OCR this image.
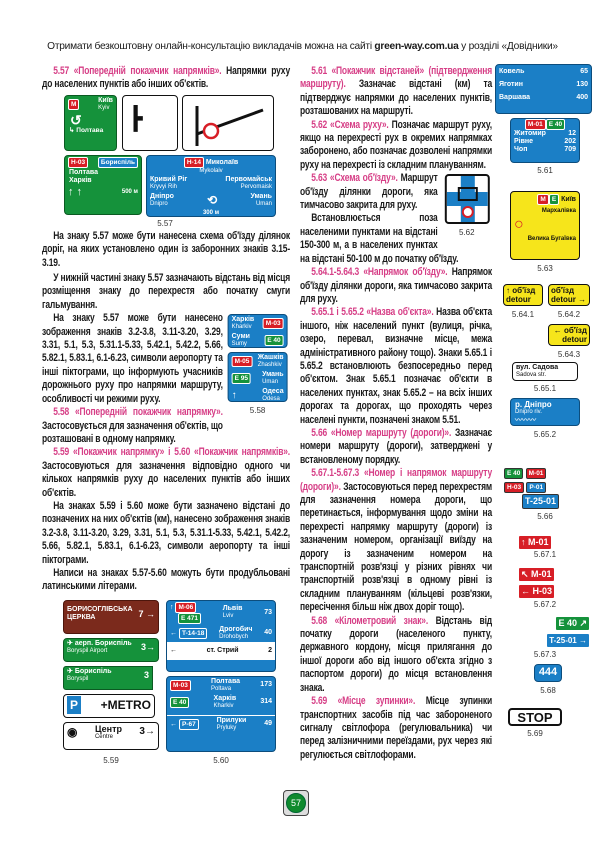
Отримати безкоштовну онлайн-консультацію викладачів можна на сайті green-way.com.ua у розділі «Довідники»

5.57 «Попередній покажчик напрямків». Напрямки руху до населених пунктів або інших об'єктів.

M
Київ
Kyiv
↺
↳ Полтава	┣
H-03	Бориспіль
Полтава
Харків
↑ ↑	500 м
H-14 Миколаїв
Mykolaiv
Кривий Ріг
Kryvyi Rih
Первомайськ
Pervomaisk
Дніпро
Dnipro	⟲	Умань
Uman
300 м
5.57

На знаку 5.57 може бути нанесена схема об'їзду ділянок доріг, на яких установлено один із заборонних знаків 3.15-3.19.

У нижній частині знаку 5.57 зазначають відстань від місця розміщення знаку до перехрестя або початку смуги гальмування.

Харків
Kharkiv	M-03
Суми
Sumy	E 40
M-05
Жашків
Zhashkiv
E 95
Умань
Uman
↑	Одеса
Odesa
5.58
На знаку 5.57 може бути нанесено зображення знаків 3.2-3.8, 3.11-3.20, 3.29, 3.31, 5.1, 5.3, 5.31.1-5.33, 5.42.1, 5.42.2, 5.66, 5.82.1, 5.83.1, 6.1-6.23, символи аеропорту та інші піктограми, що інформують учасників дорожнього руху про напрямки маршруту, особливості чи режими руху.

5.58 «Попередній покажчик напрямку». Застосовується для зазначення об'єктів, що розташовані в одному напрямку.

5.59 «Покажчик напрямку» і 5.60 «Покажчик напрямків». Застосовуються для зазначення відповідно одного чи кількох напрямків руху до населених пунктів або інших об'єктів.

На знаках 5.59 і 5.60 може бути зазначено відстані до позначених на них об'єктів (км), нанесено зображення знаків 3.2-3.8, 3.11-3.20, 3.29, 3.31, 5.1, 5.3, 5.31.1-5.33, 5.42.1, 5.42.2, 5.66, 5.82.1, 5.83.1, 6.1-6.23, символи аеропорту та інші піктограми.

Написи на знаках 5.57-5.60 можуть бути продубльовані латинськими літерами.

БОРИСОГЛІБСЬКА ЦЕРКВА	7 →
✈ аерп. Бориспіль
Boryspil Airport	3→
✈ Бориспіль
Boryspil	3
P +METRO
◉ Центр
Centre	3→
5.59
↑ M-06
E 471
Львів
Lviv
73
← T-14-18
Дрогобич
Drohobych
40
←	ст. Стрий	2
M-03
Полтава
Poltava
173
E 40
Харків
Kharkiv
314
← P-67
Прилуки
Pryluky
49
5.60

5.61 «Покажчик відстаней» (підтвердження маршруту). Зазначає відстані (км) та підтверджує напрямки до населених пунктів, розташованих на маршруті.

5.62 «Схема руху». Позначає маршрут руху, якщо на перехресті рух в окремих напрямках заборонено, або позначає дозволені напрямки руху на перехресті із складним плануванням.

5.62
5.63 «Схема об'їзду». Маршрут об'їзду ділянки дороги, яка тимчасово закрита для руху.

Встановлюється поза населеними пунктами на відстані 150-300 м, а в населених пунктах на відстані 50-100 м до початку об'їзду.

5.64.1-5.64.3 «Напрямок об'їзду». Напрямок об'їзду ділянки дороги, яка тимчасово закрита для руху.

5.65.1 і 5.65.2 «Назва об'єкта». Назва об'єкта іншого, ніж населений пункт (вулиця, річка, озеро, перевал, визначне місце, межа адміністративного району тощо). Знаки 5.65.1 і 5.65.2 встановлюють безпосередньо перед об'єктом. Знак 5.65.1 позначає об'єкти в населених пунктах, знак 5.65.2 – на всіх інших дорогах та дорогах, що проходять через населені пункти, позначені знаком 5.51.

5.66 «Номер маршруту (дороги)». Зазначає номери маршруту (дороги), затверджені у встановленому порядку.

5.67.1-5.67.3 «Номер і напрямок маршруту (дороги)». Застосовуються перед перехрестям для зазначення номера дороги, що перетинається, інформування щодо зміни на перехресті напрямку маршруту (дороги) із зазначеним номером, організації виїзду на дорогу із зазначеним номером на транспортній розв'язці у різних рівнях чи транспортній розв'язці в одному рівні із складним плануванням (кільцеві розв'язки, пересічення більш ніж двох доріг тощо).

5.68 «Кілометровий знак». Відстань від початку дороги (населеного пункту, державного кордону, місця прилягання до іншої дороги або від іншого об'єкта згідно з паспортом дороги) до місця встановлення знака.

5.69 «Місце зупинки». Місце зупинки транспортних засобів під час забороненого сигналу світлофора (регулювальника) чи перед залізничними переїздами, рух через які регулюється світлофорами.

Ковель	65
Яготин	130
Варшава	400
M-01 E 40
Житомир	12
Рівне	202
Чоп	709
5.61
M E Київ
Мархалівка
○
Велика Бугаївка
5.63
↑ об'їзд
detour
5.64.1
об'їзд
detour →
5.64.2
← об'їзд
detour
5.64.3
вул. Садова
Sadova str.
5.65.1
р. Дніпро
Dnipro riv.
〰〰〰
5.65.2
E 40 M-01
H-03 P-01
T-25-01
5.66
↑ M-01
5.67.1
↖ M-01
← H-03
5.67.2
E 40 ↗
T-25-01 →
5.67.3
444
5.68
STOP
5.69
57
